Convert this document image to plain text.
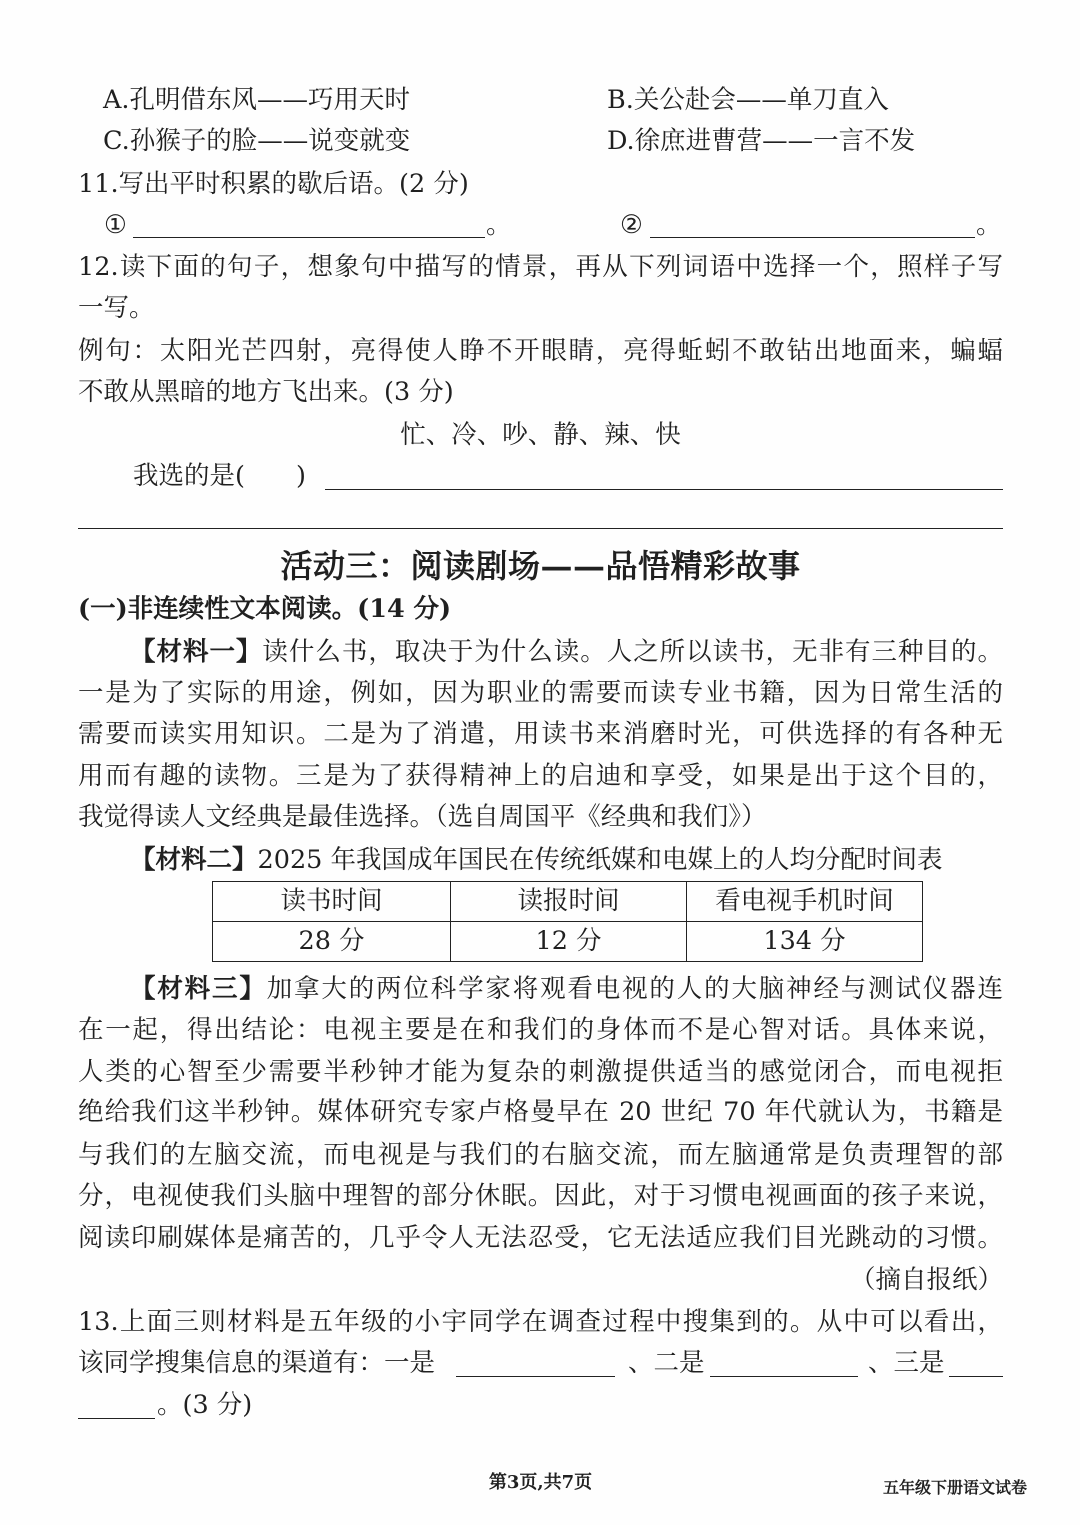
A.孔明借东风——巧用天时	B.关公赴会——单刀直入
C.孙猴子的脸——说变就变	D.徐庶进曹营——一言不发
11.写出平时积累的歇后语。(2 分)
①	。	②	。
12.读下面的句子，想象句中描写的情景，再从下列词语中选择一个，照样子写
一写。
例句：太阳光芒四射，亮得使人睁不开眼睛，亮得蚯蚓不敢钻出地面来，蝙蝠
不敢从黑暗的地方飞出来。(3 分)
忙、冷、吵、静、辣、快
我选的是(　　)
活动三：阅读剧场——品悟精彩故事
(一)非连续性文本阅读。(14 分)
【材料一】读什么书，取决于为什么读。人之所以读书，无非有三种目的。
一是为了实际的用途，例如，因为职业的需要而读专业书籍，因为日常生活的
需要而读实用知识。二是为了消遣，用读书来消磨时光，可供选择的有各种无
用而有趣的读物。三是为了获得精神上的启迪和享受，如果是出于这个目的，
我觉得读人文经典是最佳选择。（选自周国平《经典和我们》）
【材料二】2025 年我国成年国民在传统纸媒和电媒上的人均分配时间表
读书时间	读报时间	看电视手机时间
28 分	12 分	134 分
【材料三】加拿大的两位科学家将观看电视的人的大脑神经与测试仪器连
在一起，得出结论：电视主要是在和我们的身体而不是心智对话。具体来说，
人类的心智至少需要半秒钟才能为复杂的刺激提供适当的感觉闭合，而电视拒
绝给我们这半秒钟。媒体研究专家卢格曼早在 20 世纪 70 年代就认为，书籍是
与我们的左脑交流，而电视是与我们的右脑交流，而左脑通常是负责理智的部
分，电视使我们头脑中理智的部分休眠。因此，对于习惯电视画面的孩子来说，
阅读印刷媒体是痛苦的，几乎令人无法忍受，它无法适应我们目光跳动的习惯。
（摘自报纸）
13.上面三则材料是五年级的小宇同学在调查过程中搜集到的。从中可以看出，
该同学搜集信息的渠道有：一是	、二是	、三是
。(3 分)
第3页,共7页	五年级下册语文试卷
